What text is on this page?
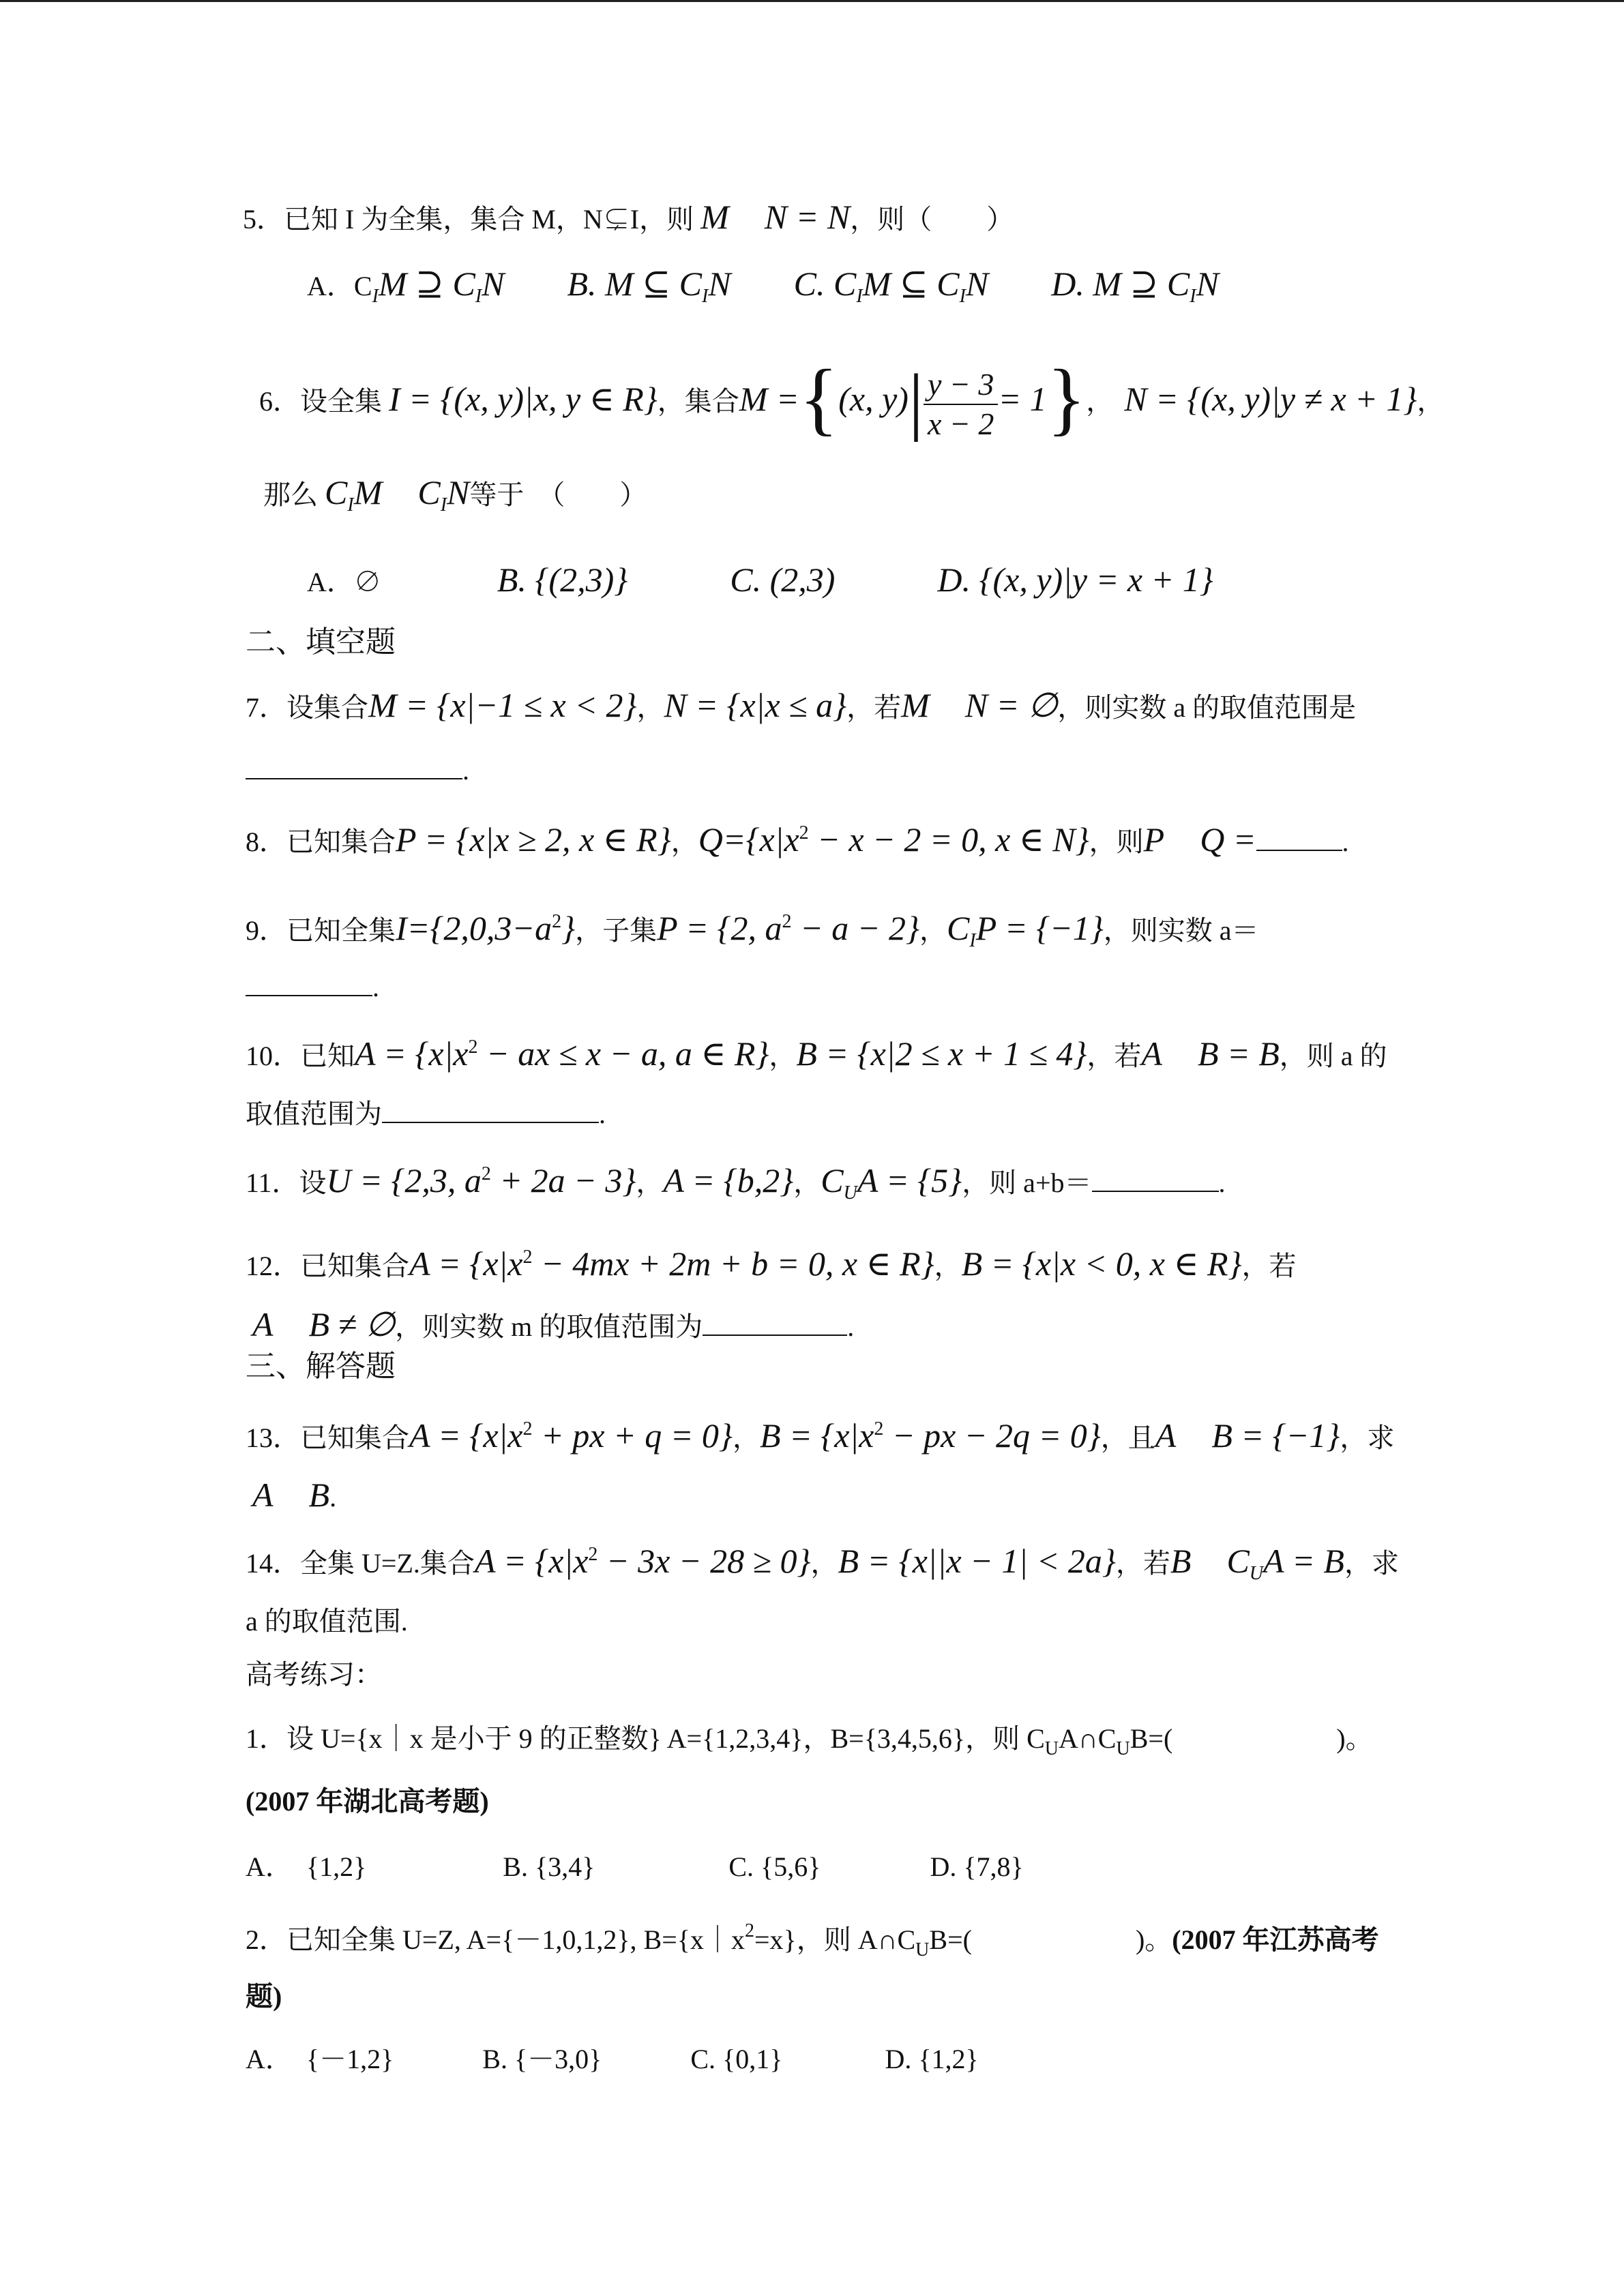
5．已知 I 为全集，集合 M，N⊊I，则 M N = N，则（　　）
A．$C_IM$ ⊇ $C_IN$ B. M ⊆ $C_IN$ C. $C_IM$ ⊆ $C_IN$ D. M ⊇ $C_IN$
6．设全集 I = {(x, y)|x, y ∈ R}，集合M ={(x, $y)| \frac{y - 3}{x - 2} = 1$}， N = {(x, y)|y ≠ x + 1}，
那么 $C_IM$ $C_IN$等于　（　　）
A．∅	B. {(2,3)}	C. (2,3)	D. {(x, y)|y = x + 1}
二、填空题
7．设集合M = {x|−1 ≤ x < 2}，N = {x|x ≤ a}，若M N = ∅，则实数 a 的取值范围是
.
8．已知集合P = {x|x ≥ 2, x ∈ R}，$Q=\{x|x^2 - x - 2 = 0$, x ∈ N}，则P Q =	.
9．已知全集$I=\{2,0,3-a^2\}$，子集P = {2, $a^2 - a - 2$}，$C_IP = \{-1\}$，则实数 a＝
.
10．已知$A = \{x|x^2$ − ax ≤ x − a, a ∈ R}，B = {x|2 ≤ x + 1 ≤ 4}，若A B = B，则 a 的
取值范围为	.
11．设U = {2,3, $a^2 + 2a - 3$}，A = {b,2}，$C_UA = \{5\}$，则 a+b＝	.
12．已知集合$A = \{x|x^2 - 4mx + 2m + b = 0$, x ∈ R}，B = {x|x < 0, x ∈ R}，若
A B ≠ ∅，则实数 m 的取值范围为	.
三、解答题
13．已知集合$A = \{x|x^2$ + px + q = 0}，$B = \{x|x^2$ − px − 2q = 0}，且A B = {−1}，求
A B.
14．全集 U=Z.集合$A = \{x|x^2 - 3x - 28 \ge 0\}$，B = {x||x − 1| < 2a}，若B $C_UA = B$，求
a 的取值范围.
高考练习：
1．设 U={x｜x 是小于 9 的正整数} A={1,2,3,4}，B={3,4,5,6}，则 $C_UA\cap C_UB=$(　　　　　　)。
(2007 年湖北高考题)
A．　{1,2}	B. {3,4}	C. {5,6}	D. {7,8}
2．已知全集 U=Z, A={－1,0,1,2}, $B=\{x|x^2=x\}$，则 $A\cap C_UB=$(　　　　　　)。(2007 年江苏高考
题)
A．　{－1,2}	B. {－3,0}	C. {0,1}	D. {1,2}
